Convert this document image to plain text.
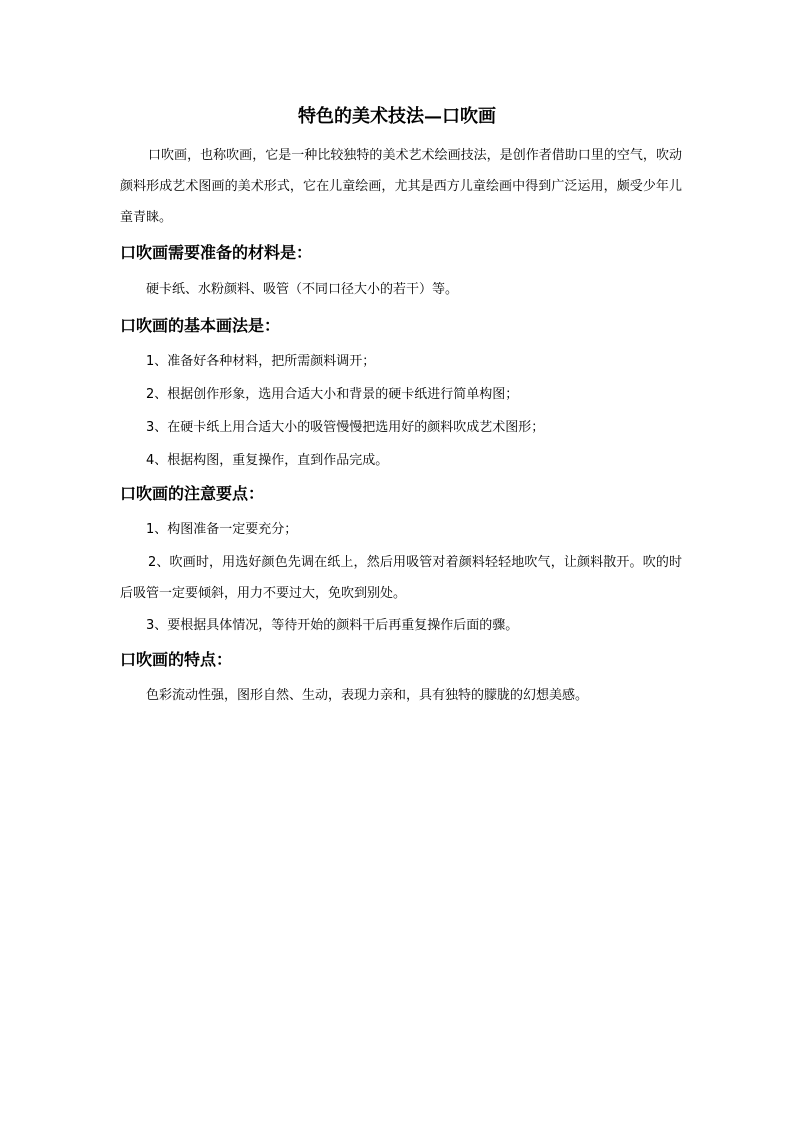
特色的美术技法—口吹画
口吹画，也称吹画，它是一种比较独特的美术艺术绘画技法，是创作者借助口里的空气，吹动颜料形成艺术图画的美术形式，它在儿童绘画，尤其是西方儿童绘画中得到广泛运用，颇受少年儿童青睐。
口吹画需要准备的材料是：
硬卡纸、水粉颜料、吸管（不同口径大小的若干）等。
口吹画的基本画法是：
1、准备好各种材料，把所需颜料调开；
2、根据创作形象，选用合适大小和背景的硬卡纸进行简单构图；
3、在硬卡纸上用合适大小的吸管慢慢把选用好的颜料吹成艺术图形；
4、根据构图，重复操作，直到作品完成。
口吹画的注意要点：
1、构图准备一定要充分；
2、吹画时，用选好颜色先调在纸上，然后用吸管对着颜料轻轻地吹气，让颜料散开。吹的时后吸管一定要倾斜，用力不要过大，免吹到别处。
3、要根据具体情况，等待开始的颜料干后再重复操作后面的骤。
口吹画的特点：
色彩流动性强，图形自然、生动，表现力亲和，具有独特的朦胧的幻想美感。
